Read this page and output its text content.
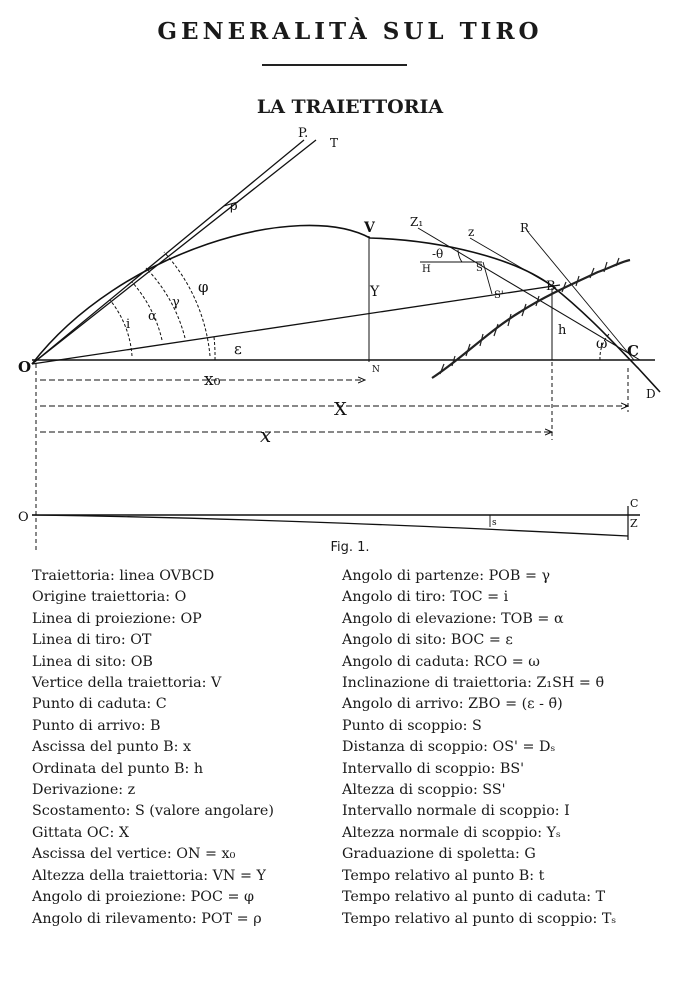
GENERALITÀ SUL TIRO
LA TRAIETTORIA
P.
T
ρ
V	Z₁
z	R
-θ
H	S
S'
B
Y
i
α
γ
φ
ε
h
ω
O
C
N
D
x₀
X
x
O
C
Z
s
Fig. 1.
Traiettoria: linea OVBCD
Origine traiettoria: O
Linea di proiezione: OP
Linea di tiro: OT
Linea di sito: OB
Vertice della traiettoria: V
Punto di caduta: C
Punto di arrivo: B
Ascissa del punto B: x
Ordinata del punto B: h
Derivazione: z
Scostamento: S (valore angolare)
Gittata OC: X
Ascissa del vertice: ON = x₀
Altezza della traiettoria: VN = Y
Angolo di proiezione: POC = φ
Angolo di rilevamento: POT = ρ
Angolo di partenze: POB = γ
Angolo di tiro: TOC = i
Angolo di elevazione: TOB = α
Angolo di sito: BOC = ε
Angolo di caduta: RCO = ω
Inclinazione di traiettoria: Z₁SH = θ̄
Angolo di arrivo: ZBO = (ε - θ̄)
Punto di scoppio: S
Distanza di scoppio: OS' = Dₛ
Intervallo di scoppio: BS'
Altezza di scoppio: SS'
Intervallo normale di scoppio: I
Altezza normale di scoppio: Yₛ
Graduazione di spoletta: G
Tempo relativo al punto B: t
Tempo relativo al punto di caduta: T
Tempo relativo al punto di scoppio: Tₛ
